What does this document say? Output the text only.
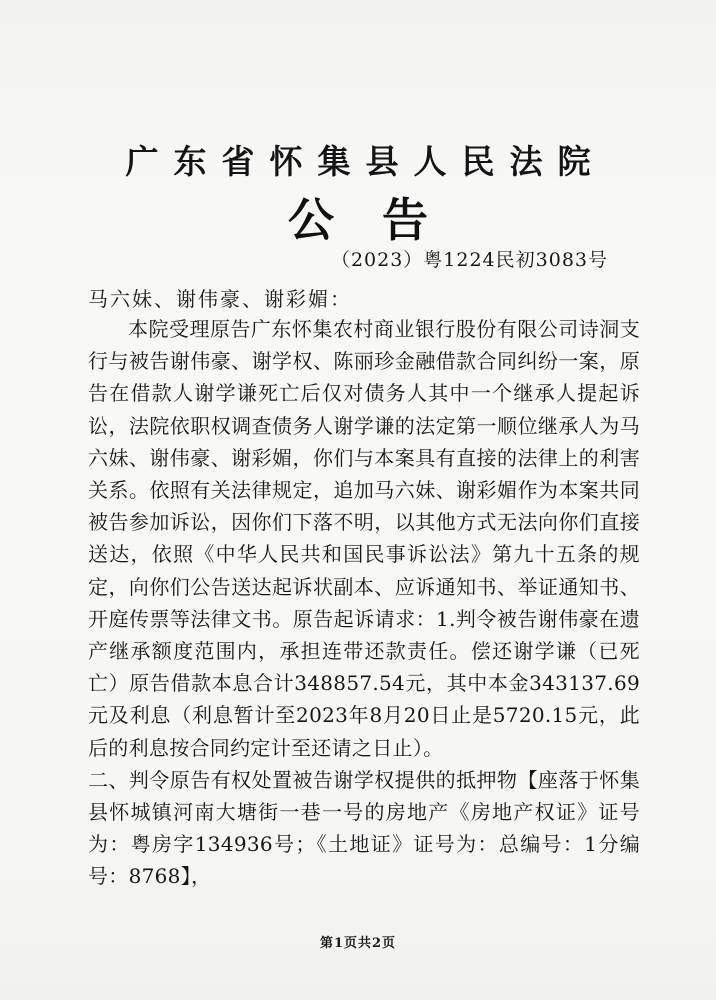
广东省怀集县人民法院
公告
（2023）粤1224民初3083号
马六妹、谢伟豪、谢彩媚：

本院受理原告广东怀集农村商业银行股份有限公司诗洞支行与被告谢伟豪、谢学权、陈丽珍金融借款合同纠纷一案，原告在借款人谢学谦死亡后仅对债务人其中一个继承人提起诉讼，法院依职权调查债务人谢学谦的法定第一顺位继承人为马六妹、谢伟豪、谢彩媚，你们与本案具有直接的法律上的利害关系。依照有关法律规定，追加马六妹、谢彩媚作为本案共同被告参加诉讼，因你们下落不明，以其他方式无法向你们直接送达，依照《中华人民共和国民事诉讼法》第九十五条的规定，向你们公告送达起诉状副本、应诉通知书、举证通知书、开庭传票等法律文书。原告起诉请求：1.判令被告谢伟豪在遗产继承额度范围内，承担连带还款责任。偿还谢学谦（已死亡）原告借款本息合计348857.54元，其中本金343137.69元及利息（利息暂计至2023年8月20日止是5720.15元，此后的利息按合同约定计至还请之日止）。

二、判令原告有权处置被告谢学权提供的抵押物【座落于怀集县怀城镇河南大塘街一巷一号的房地产《房地产权证》证号为：粤房字134936号；《土地证》证号为：总编号：1分编号：8768】，

第1页共2页
